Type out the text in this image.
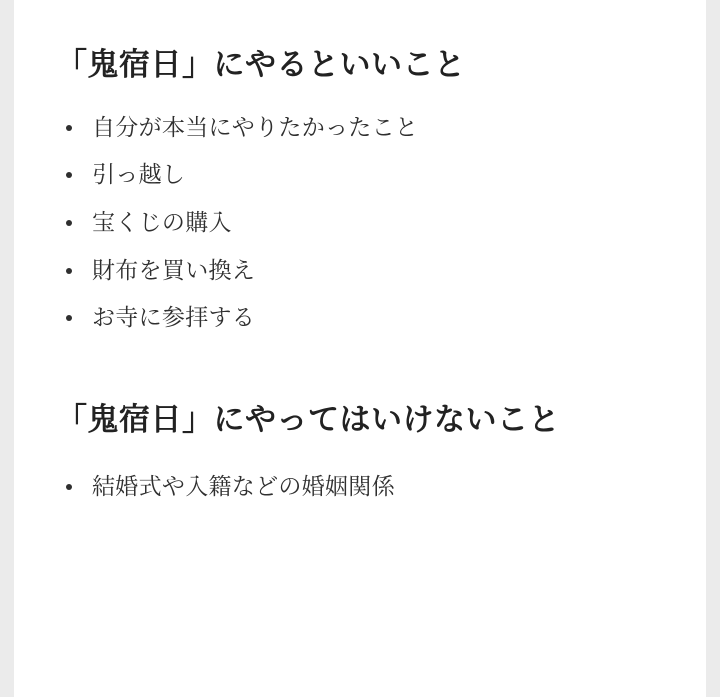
「鬼宿日」にやるといいこと
自分が本当にやりたかったこと
引っ越し
宝くじの購入
財布を買い換え
お寺に参拝する
「鬼宿日」にやってはいけないこと
結婚式や入籍などの婚姻関係
